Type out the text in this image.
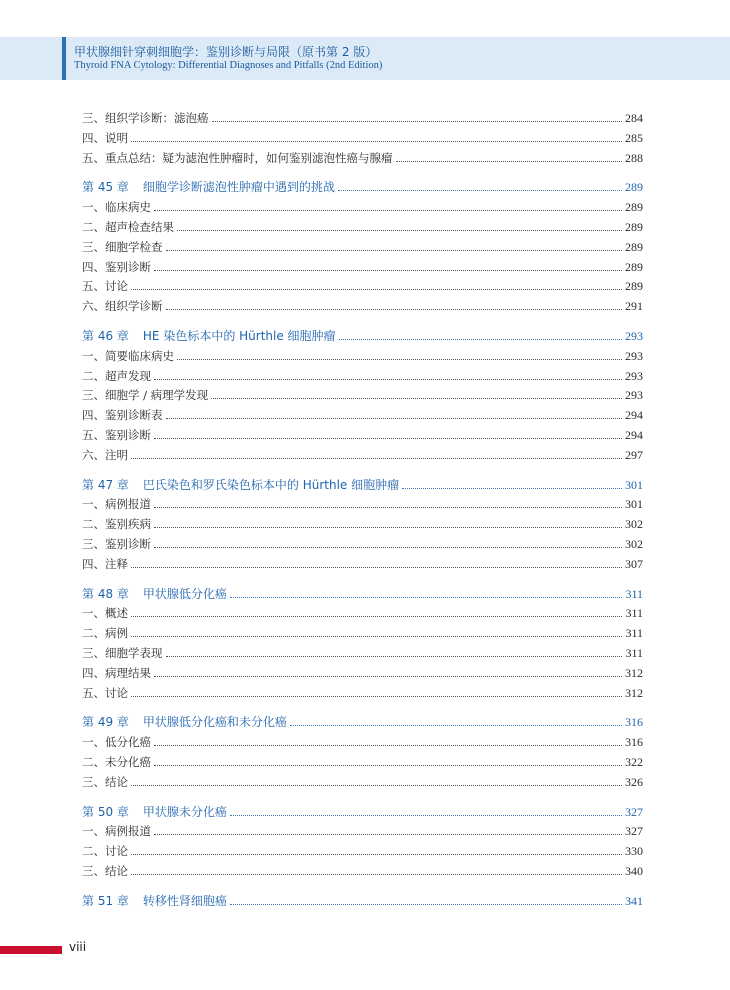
甲状腺细针穿刺细胞学：鉴别诊断与局限（原书第 2 版）
Thyroid FNA Cytology: Differential Diagnoses and Pitfalls (2nd Edition)
三、组织学诊断：滤泡癌	284
四、说明	285
五、重点总结：疑为滤泡性肿瘤时，如何鉴别滤泡性癌与腺瘤	288
第 45 章 细胞学诊断滤泡性肿瘤中遇到的挑战	289
一、临床病史	289
二、超声检查结果	289
三、细胞学检查	289
四、鉴别诊断	289
五、讨论	289
六、组织学诊断	291
第 46 章 HE 染色标本中的 Hürthle 细胞肿瘤	293
一、简要临床病史	293
二、超声发现	293
三、细胞学 / 病理学发现	293
四、鉴别诊断表	294
五、鉴别诊断	294
六、注明	297
第 47 章 巴氏染色和罗氏染色标本中的 Hürthle 细胞肿瘤	301
一、病例报道	301
二、鉴别疾病	302
三、鉴别诊断	302
四、注释	307
第 48 章 甲状腺低分化癌	311
一、概述	311
二、病例	311
三、细胞学表现	311
四、病理结果	312
五、讨论	312
第 49 章 甲状腺低分化癌和未分化癌	316
一、低分化癌	316
二、未分化癌	322
三、结论	326
第 50 章 甲状腺未分化癌	327
一、病例报道	327
二、讨论	330
三、结论	340
第 51 章 转移性肾细胞癌	341
viii
